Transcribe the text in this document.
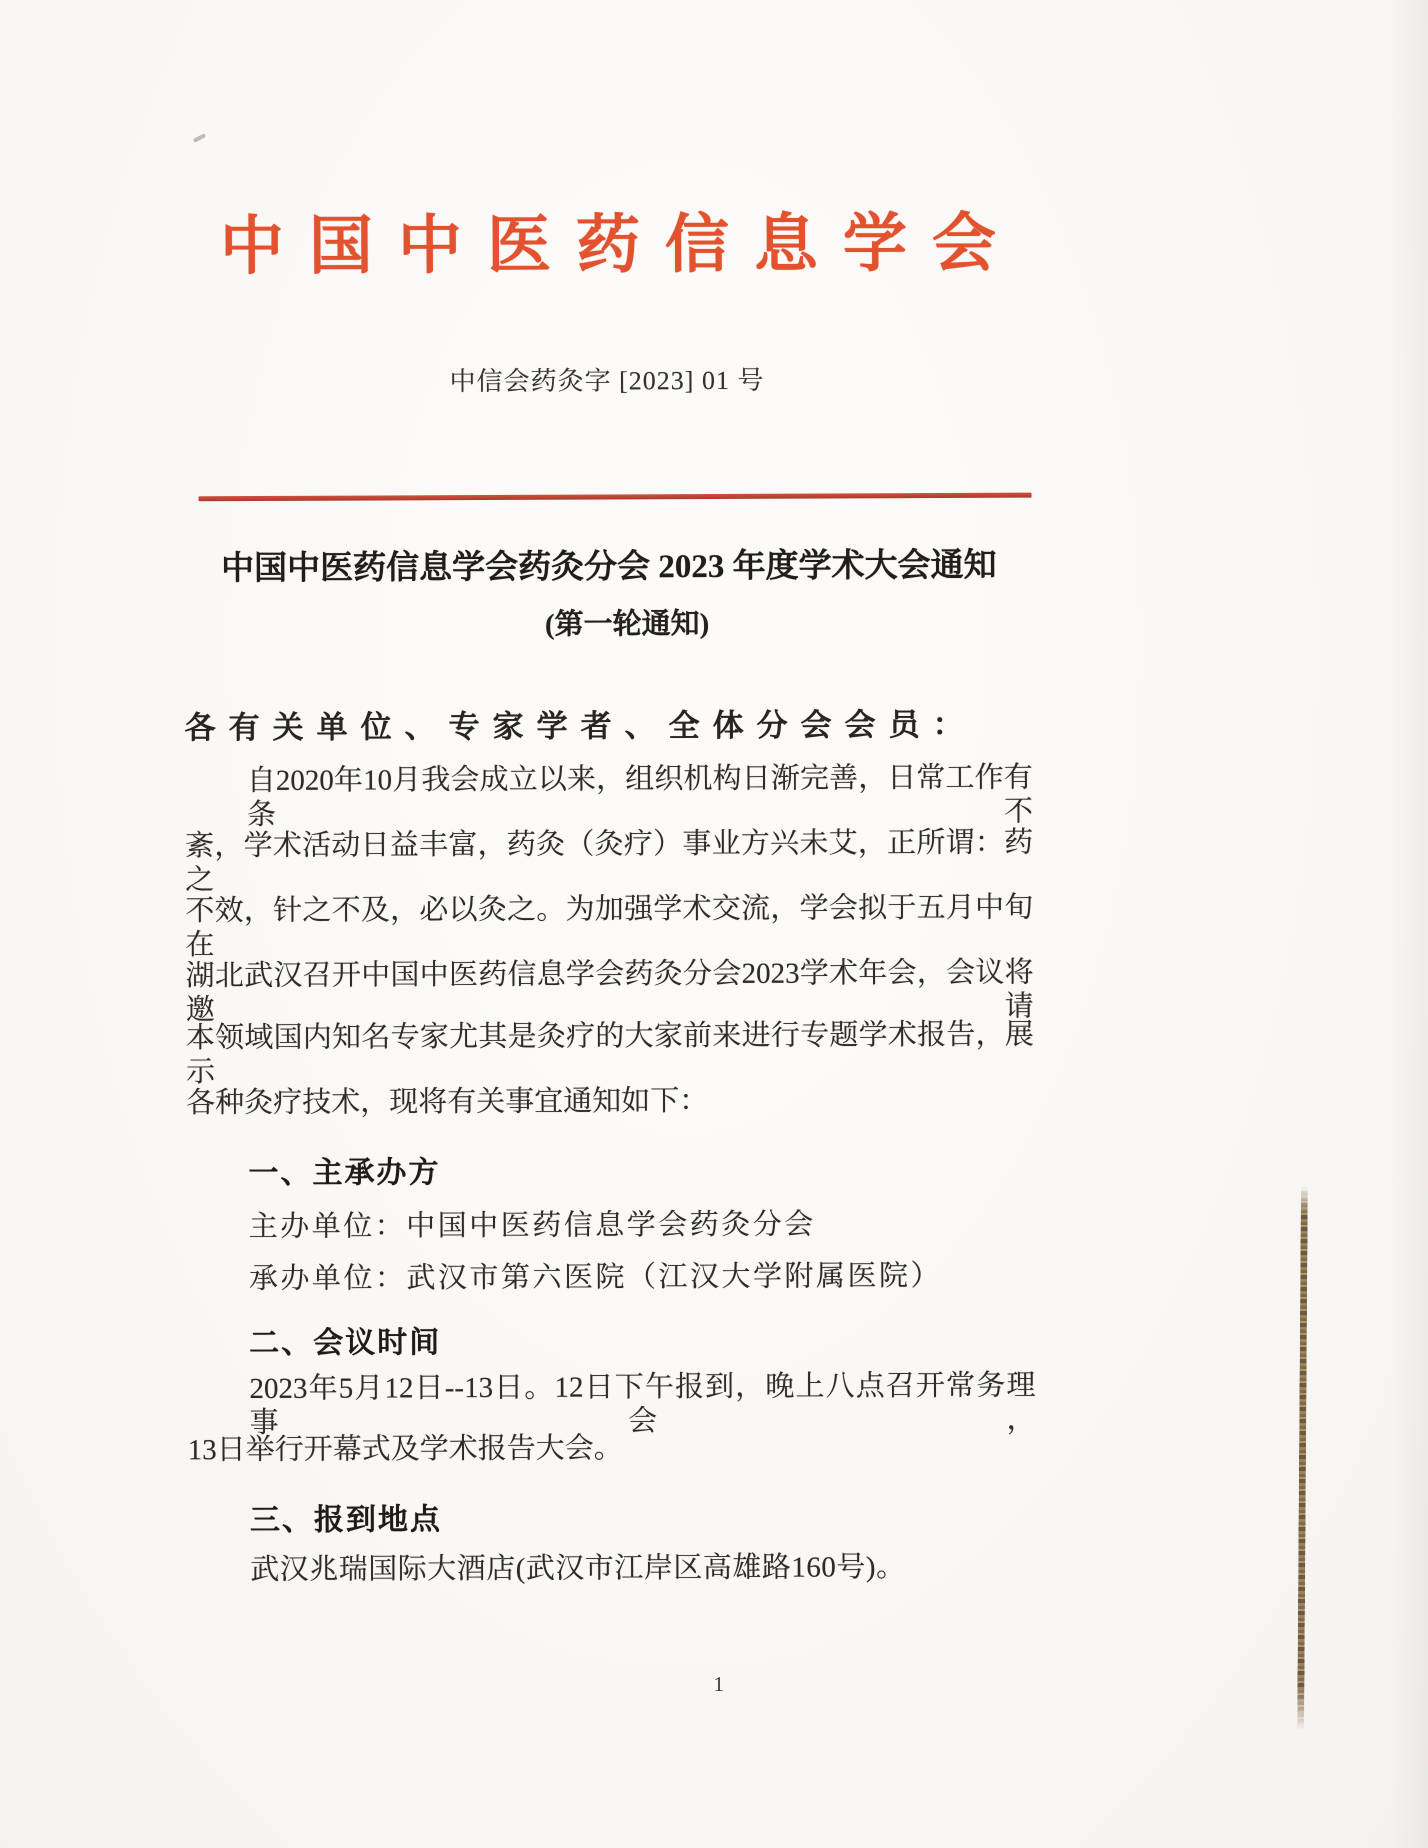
中国中医药信息学会
中信会药灸字 [2023] 01 号
中国中医药信息学会药灸分会 2023 年度学术大会通知
(第一轮通知)
各有关单位、专家学者、全体分会会员：
自2020年10月我会成立以来，组织机构日渐完善，日常工作有条不
紊，学术活动日益丰富，药灸（灸疗）事业方兴未艾，正所谓：药之
不效，针之不及，必以灸之。为加强学术交流，学会拟于五月中旬在
湖北武汉召开中国中医药信息学会药灸分会2023学术年会，会议将邀请
本领域国内知名专家尤其是灸疗的大家前来进行专题学术报告，展示
各种灸疗技术，现将有关事宜通知如下：
一、主承办方
主办单位：中国中医药信息学会药灸分会
承办单位：武汉市第六医院（江汉大学附属医院）
二、会议时间
2023年5月12日--13日。12日下午报到，晚上八点召开常务理事会，
13日举行开幕式及学术报告大会。
三、报到地点
武汉兆瑞国际大酒店(武汉市江岸区高雄路160号)。
1
